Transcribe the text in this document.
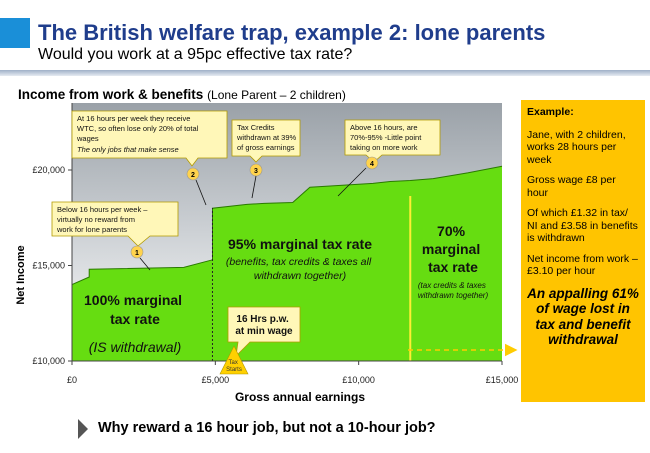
The British welfare trap, example 2: lone parents
Would you work at a 95pc effective tax rate?
Income from work & benefits (Lone Parent – 2 children)
£0	£5,000	£10,000	£15,000
£10,000
£15,000
£20,000
Net Income
Gross annual earnings
100% marginal tax rate
(IS withdrawal)
95% marginal tax rate
(benefits, tax credits & taxes all withdrawn together)
70% marginal tax rate
(tax credits & taxes withdrawn together)
Below 16 hours per week – virtually no reward from work for lone parents
1
At 16 hours per week they receive WTC, so often lose only 20% of total wages
The only jobs that make sense
2
Tax Credits withdrawn at 39% of gross earnings
3
Above 16 hours, are 70%-95% -Little point taking on more work
4
16 Hrs p.w. at min wage
Tax Starts
Example:
Jane, with 2 children, works 28 hours per week
Gross wage £8 per hour
Of which £1.32 in tax/ NI and £3.58 in benefits is withdrawn
Net income from work – £3.10 per hour
An appalling 61% of wage lost in tax and benefit withdrawal
Why reward a 16 hour job, but not a 10-hour job?
